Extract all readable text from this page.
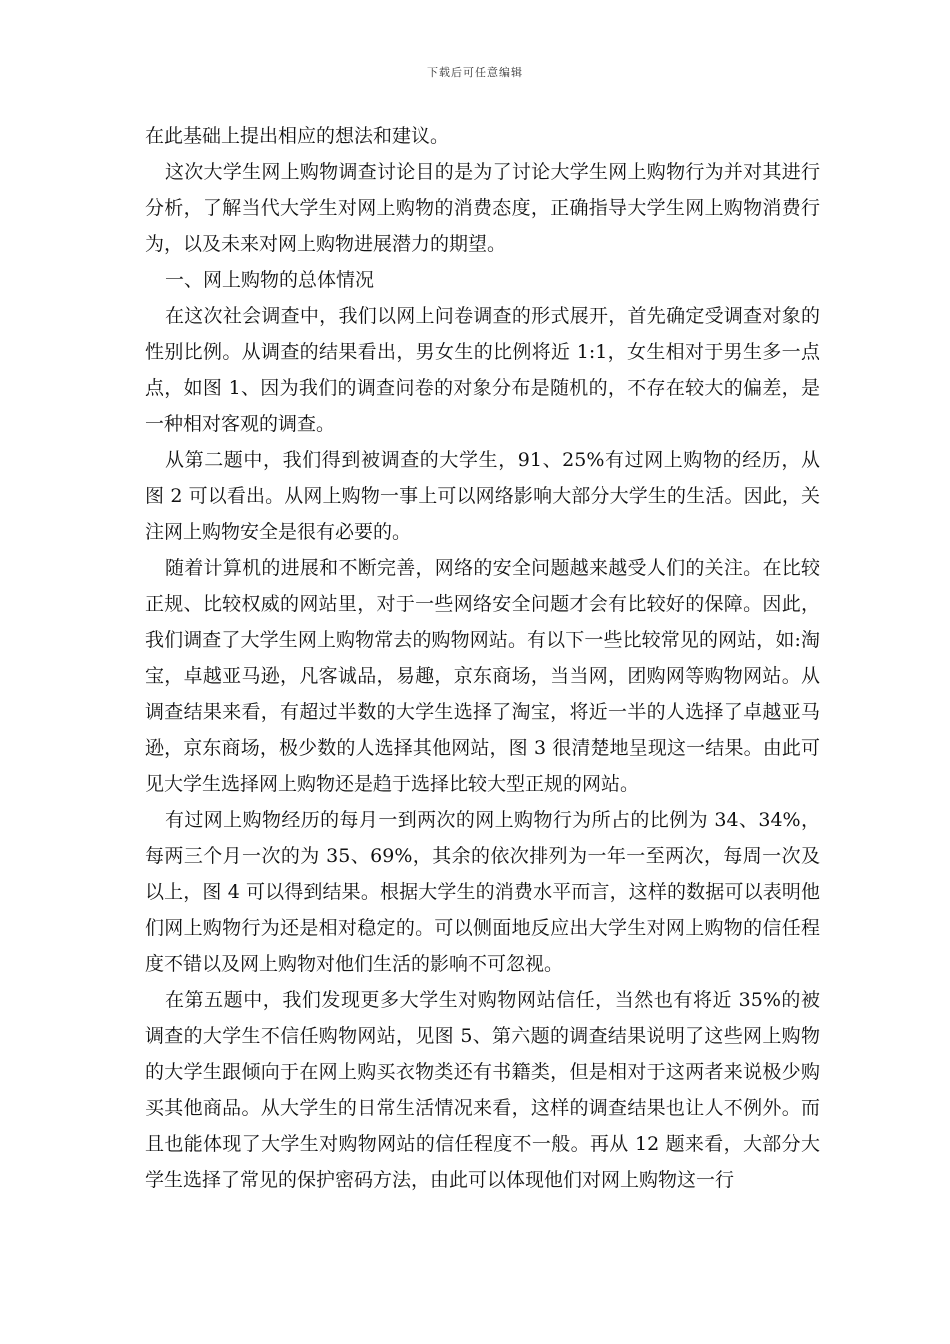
下载后可任意编辑

在此基础上提出相应的想法和建议。

这次大学生网上购物调查讨论目的是为了讨论大学生网上购物行为并对其进行分析，了解当代大学生对网上购物的消费态度，正确指导大学生网上购物消费行为，以及未来对网上购物进展潜力的期望。

一、网上购物的总体情况

在这次社会调查中，我们以网上问卷调查的形式展开，首先确定受调查对象的性别比例。从调查的结果看出，男女生的比例将近 1:1，女生相对于男生多一点点，如图 1、因为我们的调查问卷的对象分布是随机的，不存在较大的偏差，是一种相对客观的调查。

从第二题中，我们得到被调查的大学生，91、25%有过网上购物的经历，从图 2 可以看出。从网上购物一事上可以网络影响大部分大学生的生活。因此，关注网上购物安全是很有必要的。

随着计算机的进展和不断完善，网络的安全问题越来越受人们的关注。在比较正规、比较权威的网站里，对于一些网络安全问题才会有比较好的保障。因此，我们调查了大学生网上购物常去的购物网站。有以下一些比较常见的网站，如:淘宝，卓越亚马逊，凡客诚品，易趣，京东商场，当当网，团购网等购物网站。从调查结果来看，有超过半数的大学生选择了淘宝，将近一半的人选择了卓越亚马逊，京东商场，极少数的人选择其他网站，图 3 很清楚地呈现这一结果。由此可见大学生选择网上购物还是趋于选择比较大型正规的网站。

有过网上购物经历的每月一到两次的网上购物行为所占的比例为 34、34%，每两三个月一次的为 35、69%，其余的依次排列为一年一至两次，每周一次及以上，图 4 可以得到结果。根据大学生的消费水平而言，这样的数据可以表明他们网上购物行为还是相对稳定的。可以侧面地反应出大学生对网上购物的信任程度不错以及网上购物对他们生活的影响不可忽视。

在第五题中，我们发现更多大学生对购物网站信任，当然也有将近 35%的被调查的大学生不信任购物网站，见图 5、第六题的调查结果说明了这些网上购物的大学生跟倾向于在网上购买衣物类还有书籍类，但是相对于这两者来说极少购买其他商品。从大学生的日常生活情况来看，这样的调查结果也让人不例外。而且也能体现了大学生对购物网站的信任程度不一般。再从 12 题来看，大部分大学生选择了常见的保护密码方法，由此可以体现他们对网上购物这一行
